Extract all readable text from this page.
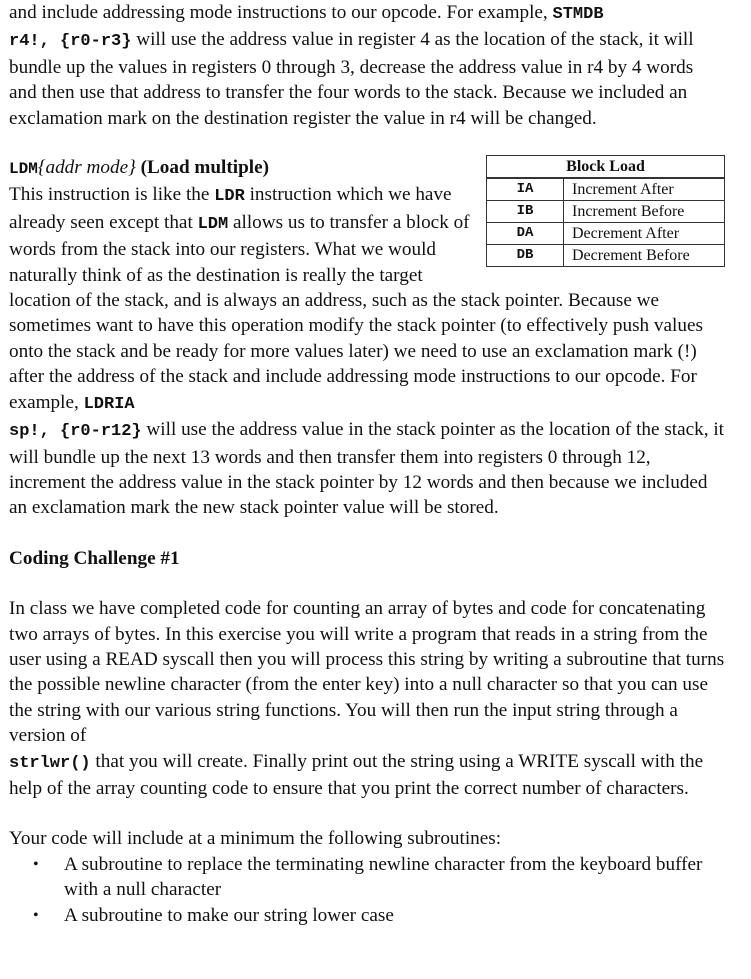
and include addressing mode instructions to our opcode. For example, STMDB
r4!, {r0-r3} will use the address value in register 4 as the location of the stack, it will bundle up the values in registers 0 through 3, decrease the address value in r4 by 4 words and then use that address to transfer the four words to the stack. Because we included an exclamation mark on the destination register the value in r4 will be changed.

Block Load	
IA	Increment After
IB	Increment Before
DA	Decrement After
DB	Decrement Before

LDM{addr mode} (Load multiple)

This instruction is like the LDR instruction which we have already seen except that LDM allows us to transfer a block of words from the stack into our registers. What we would naturally think of as the destination is really the target location of the stack, and is always an address, such as the stack pointer. Because we sometimes want to have this operation modify the stack pointer (to effectively push values onto the stack and be ready for more values later) we need to use an exclamation mark (!) after the address of the stack and include addressing mode instructions to our opcode. For example, LDRIA
sp!, {r0-r12} will use the address value in the stack pointer as the location of the stack, it will bundle up the next 13 words and then transfer them into registers 0 through 12, increment the address value in the stack pointer by 12 words and then because we included an exclamation mark the new stack pointer value will be stored.

Coding Challenge #1

In class we have completed code for counting an array of bytes and code for concatenating two arrays of bytes. In this exercise you will write a program that reads in a string from the user using a READ syscall then you will process this string by writing a subroutine that turns the possible newline character (from the enter key) into a null character so that you can use the string with our various string functions. You will then run the input string through a version of
strlwr() that you will create. Finally print out the string using a WRITE syscall with the help of the array counting code to ensure that you print the correct number of characters.

Your code will include at a minimum the following subroutines:

• A subroutine to replace the terminating newline character from the keyboard buffer with a null character
• A subroutine to make our string lower case
